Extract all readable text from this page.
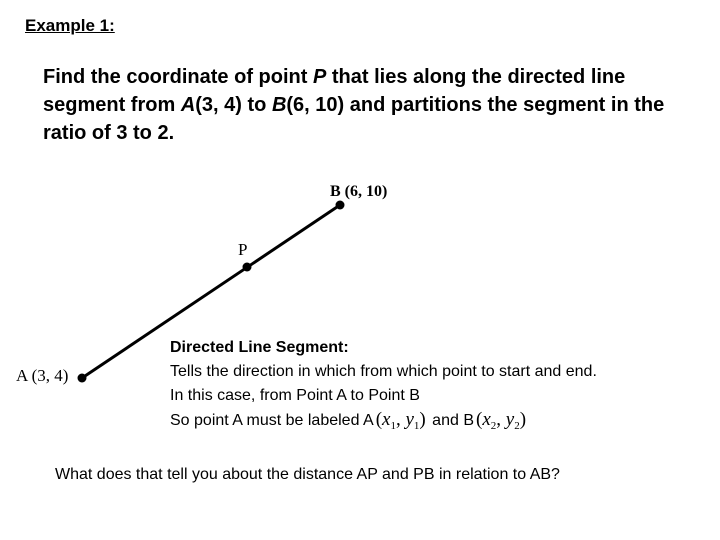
Example 1:
Find the coordinate of point P that lies along the directed line segment from A(3, 4) to B(6, 10) and partitions the segment in the ratio of 3 to 2.
A (3, 4)
B (6, 10)
P
Directed Line Segment:
Tells the direction in which from which point to start and end.
In this case, from Point A to Point B
So point A must be labeled A ($x_1$, $y_1$) and B ($x_2$, $y_2$)
What does that tell you about the distance AP and PB in relation to AB?
